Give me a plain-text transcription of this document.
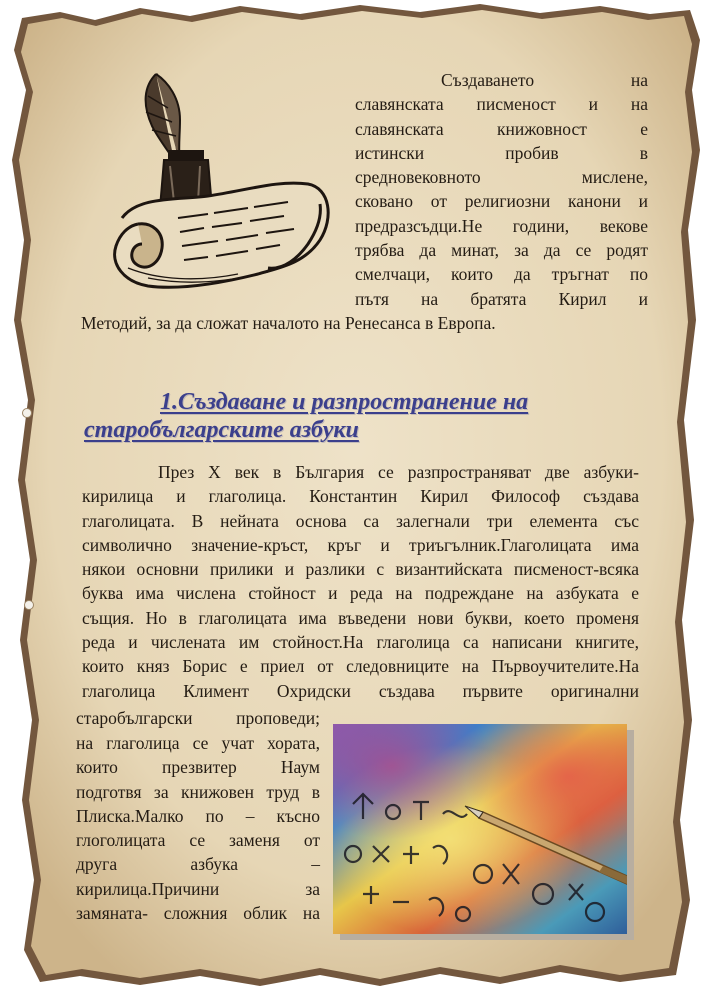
Създаването на
славянската писменост и на
славянската книжовност е
истински пробив в
средновековното мислене,
сковано от религиозни канони и
предразсъдци.Не години, векове
трябва да минат, за да се родят
смелчаци, които да тръгнат по
пътя на братята Кирил и
Методий, за да сложат началото на Ренесанса в Европа.
1.Създаване и разпространение на
старобългарските азбуки
През Х век в България се разпространяват две азбуки-
кирилица и глаголица. Константин Кирил Философ създава
глаголицата. В нейната основа са залегнали три елемента със
символично значение-кръст, кръг и триъгълник.Глаголицата има
някои основни прилики и разлики с византийската писменост-всяка
буква има числена стойност и реда на подреждане на азбуката е
същия. Но в глаголицата има въведени нови букви, което променя
реда и числената им стойност.На глаголица са написани книгите,
които княз Борис е приел от следовниците на Първоучителите.На
глаголица Климент Охридски създава първите оригинални
старобългарски проповеди;
на глаголица се учат хората,
които презвитер Наум
подготвя за книжовен труд в
Плиска.Малко по – късно
глоголицата се заменя от
друга азбука –
кирилица.Причини за
замяната- сложния облик на
